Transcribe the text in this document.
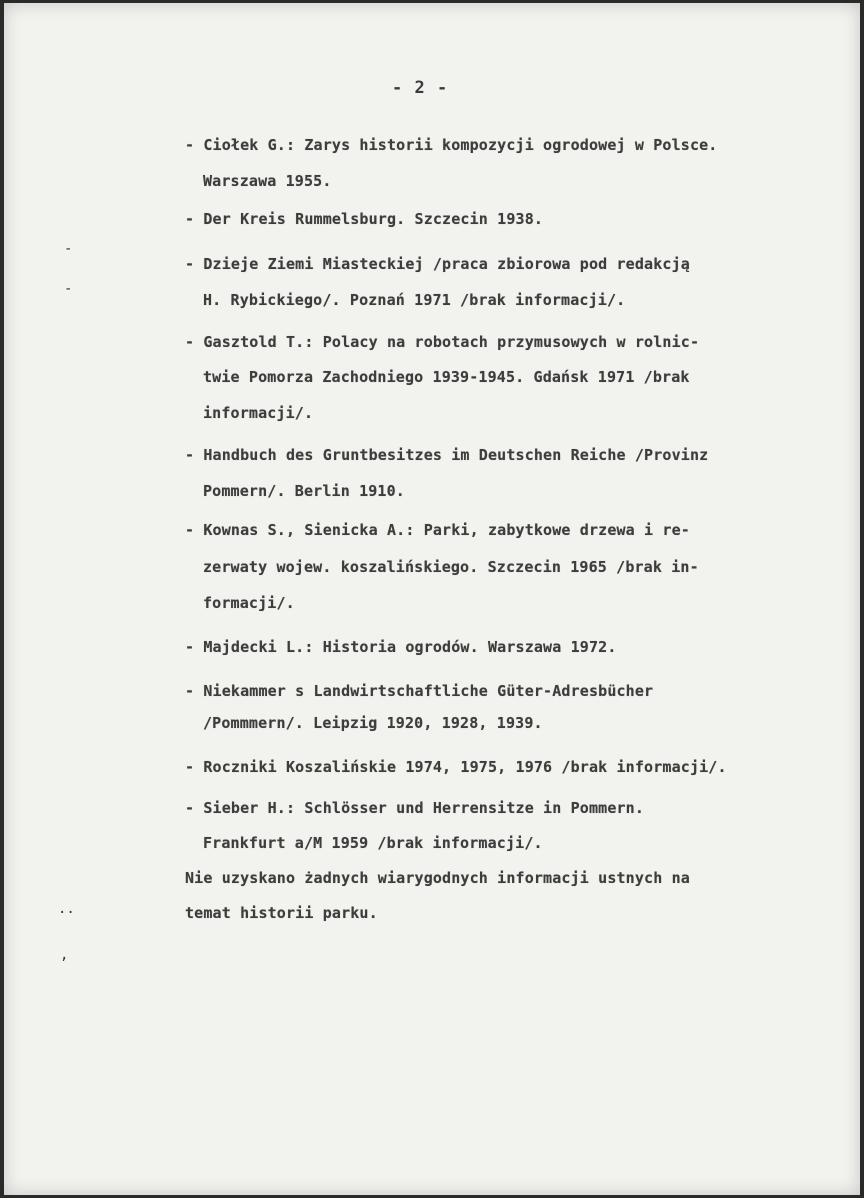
-
-
..
,
- 2 -
- Ciołek G.: Zarys historii kompozycji ogrodowej w Polsce.
Warszawa 1955.
- Der Kreis Rummelsburg. Szczecin 1938.
- Dzieje Ziemi Miasteckiej /praca zbiorowa pod redakcją
H. Rybickiego/. Poznań 1971 /brak informacji/.
- Gasztold T.: Polacy na robotach przymusowych w rolnic-
twie Pomorza Zachodniego 1939-1945. Gdańsk 1971 /brak
informacji/.
- Handbuch des Gruntbesitzes im Deutschen Reiche /Provinz
Pommern/. Berlin 1910.
- Kownas S., Sienicka A.: Parki, zabytkowe drzewa i re-
zerwaty wojew. koszalińskiego. Szczecin 1965 /brak in-
formacji/.
- Majdecki L.: Historia ogrodów. Warszawa 1972.
- Niekammer s Landwirtschaftliche Güter-Adresbücher
/Pommmern/. Leipzig 1920, 1928, 1939.
- Roczniki Koszalińskie 1974, 1975, 1976 /brak informacji/.
- Sieber H.: Schlösser und Herrensitze in Pommern.
Frankfurt a/M 1959 /brak informacji/.
Nie uzyskano żadnych wiarygodnych informacji ustnych na
temat historii parku.
